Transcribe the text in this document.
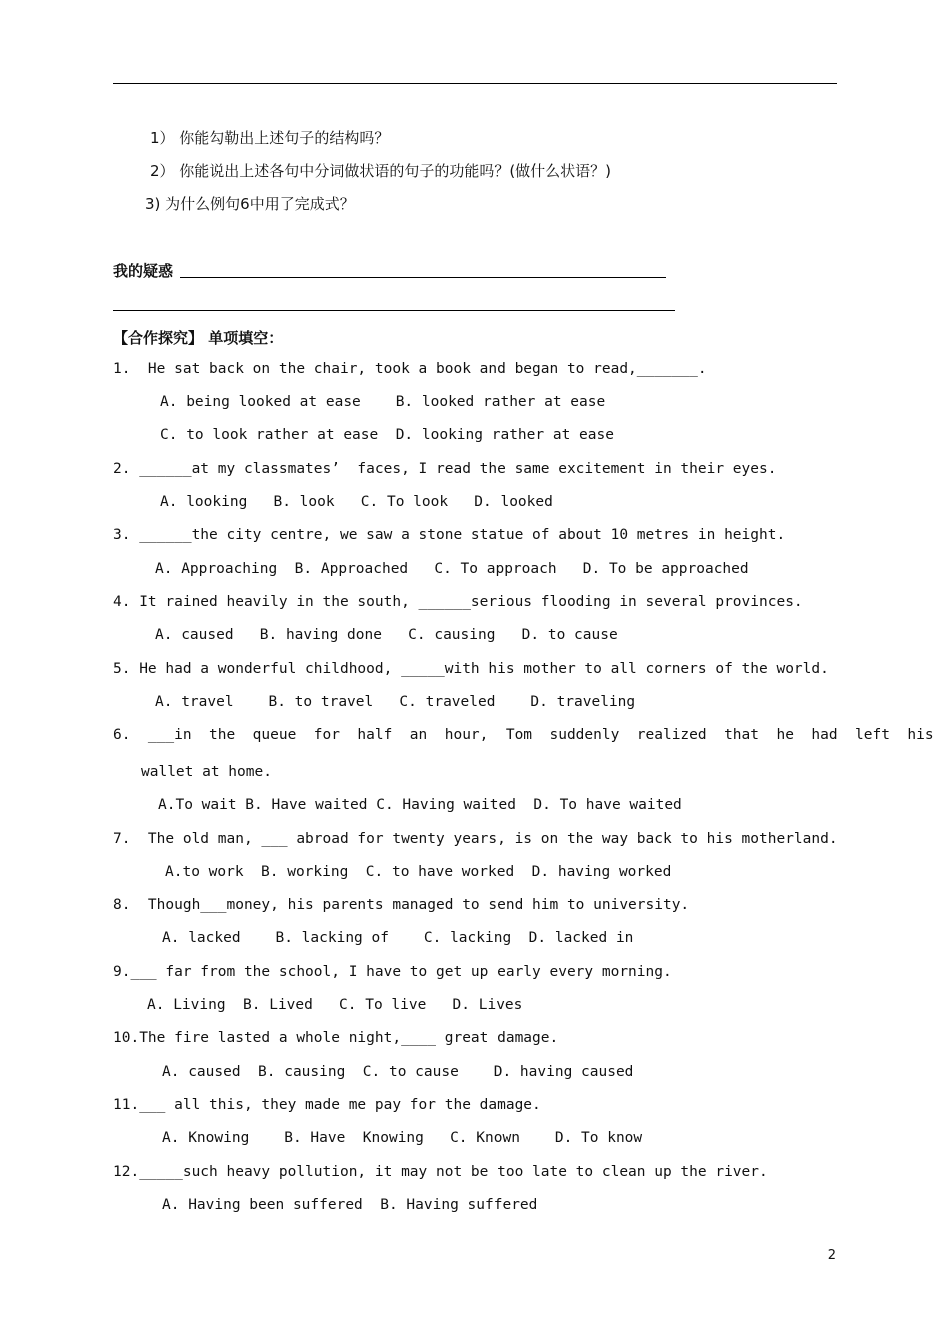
1） 你能勾勒出上述句子的结构吗？
2） 你能说出上述各句中分词做状语的句子的功能吗？(做什么状语？)
3) 为什么例句6中用了完成式？
我的疑惑
【合作探究】 单项填空：
1.  He sat back on the chair, took a book and began to read,_______.
A. being looked at ease    B. looked rather at ease
C. to look rather at ease  D. looking rather at ease
2. ______at my classmates’  faces, I read the same excitement in their eyes.
A. looking   B. look   C. To look   D. looked
3. ______the city centre, we saw a stone statue of about 10 metres in height.
A. Approaching  B. Approached   C. To approach   D. To be approached
4. It rained heavily in the south, ______serious flooding in several provinces.
A. caused   B. having done   C. causing   D. to cause
5. He had a wonderful childhood, _____with his mother to all corners of the world.
A. travel    B. to travel   C. traveled    D. traveling
6.  ___in  the  queue  for  half  an  hour,  Tom  suddenly  realized  that  he  had  left  his
wallet at home.
A.To wait B. Have waited C. Having waited  D. To have waited
7.  The old man, ___ abroad for twenty years, is on the way back to his motherland.
A.to work  B. working  C. to have worked  D. having worked
8.  Though___money, his parents managed to send him to university.
A. lacked    B. lacking of    C. lacking  D. lacked in
9.___ far from the school, I have to get up early every morning.
A. Living  B. Lived   C. To live   D. Lives
10.The fire lasted a whole night,____ great damage.
A. caused  B. causing  C. to cause    D. having caused
11.___ all this, they made me pay for the damage.
A. Knowing    B. Have  Knowing   C. Known    D. To know
12._____such heavy pollution, it may not be too late to clean up the river.
A. Having been suffered  B. Having suffered
2
